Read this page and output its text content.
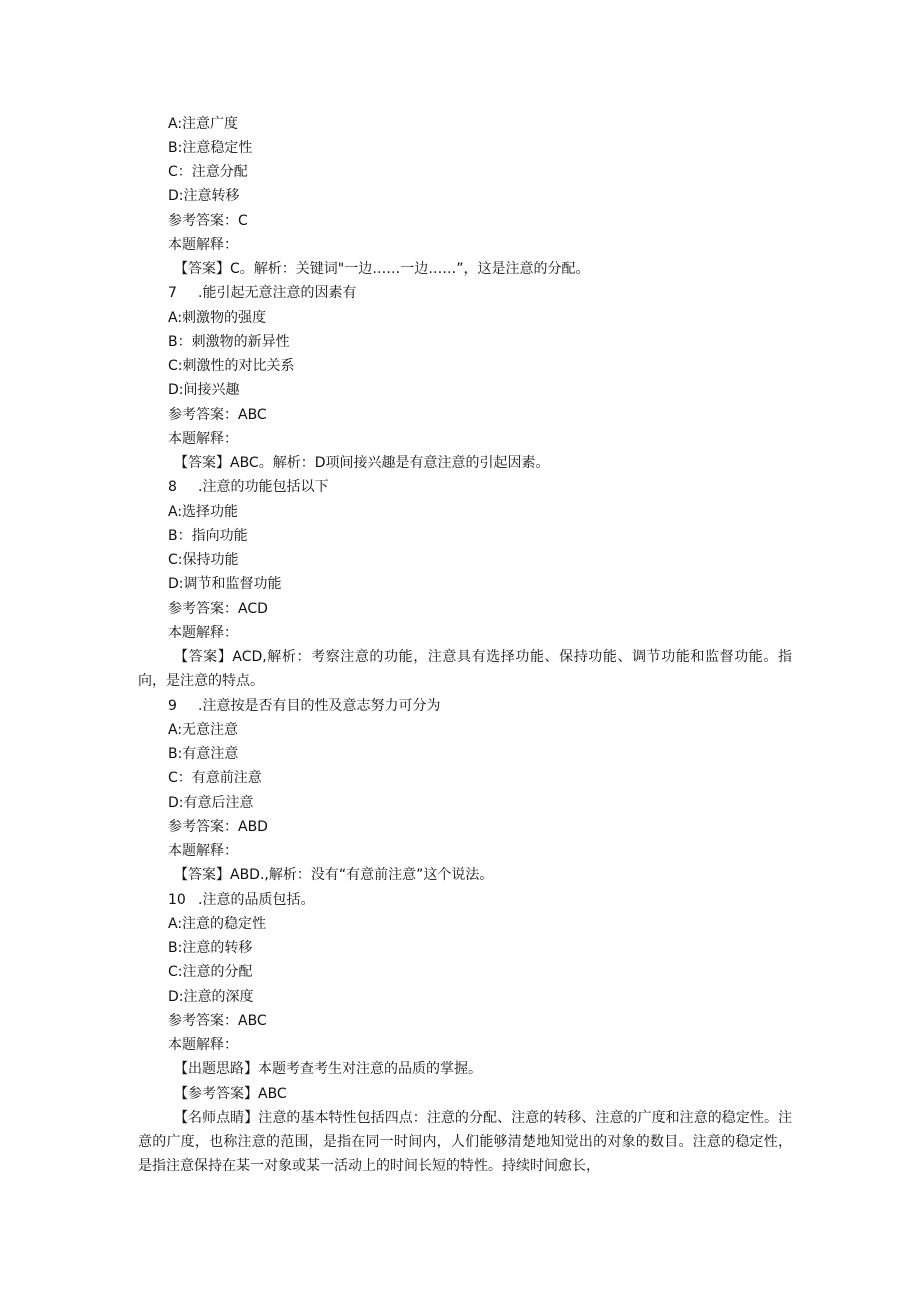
A:注意广度
B:注意稳定性
C：注意分配
D:注意转移
参考答案：C
本题解释：
【答案】C。解析：关键词"一边……一边……”，这是注意的分配。
7 .能引起无意注意的因素有
A:刺激物的强度
B：刺激物的新异性
C:刺激性的对比关系
D:间接兴趣
参考答案：ABC
本题解释：
【答案】ABC。解析：D项间接兴趣是有意注意的引起因素。
8 .注意的功能包括以下
A:选择功能
B：指向功能
C:保持功能
D:调节和监督功能
参考答案：ACD
本题解释：
【答案】ACD,解析：考察注意的功能，注意具有选择功能、保持功能、调节功能和监督功能。指向，是注意的特点。
9 .注意按是否有目的性及意志努力可分为
A:无意注意
B:有意注意
C：有意前注意
D:有意后注意
参考答案：ABD
本题解释：
【答案】ABD.,解析：没有“有意前注意”这个说法。
10 .注意的品质包括。
A:注意的稳定性
B:注意的转移
C:注意的分配
D:注意的深度
参考答案：ABC
本题解释：
【出题思路】本题考查考生对注意的品质的掌握。
【参考答案】ABC
【名师点睛】注意的基本特性包括四点：注意的分配、注意的转移、注意的广度和注意的稳定性。注意的广度，也称注意的范围，是指在同一时间内，人们能够清楚地知觉出的对象的数目。注意的稳定性，是指注意保持在某一对象或某一活动上的时间长短的特性。持续时间愈长，
